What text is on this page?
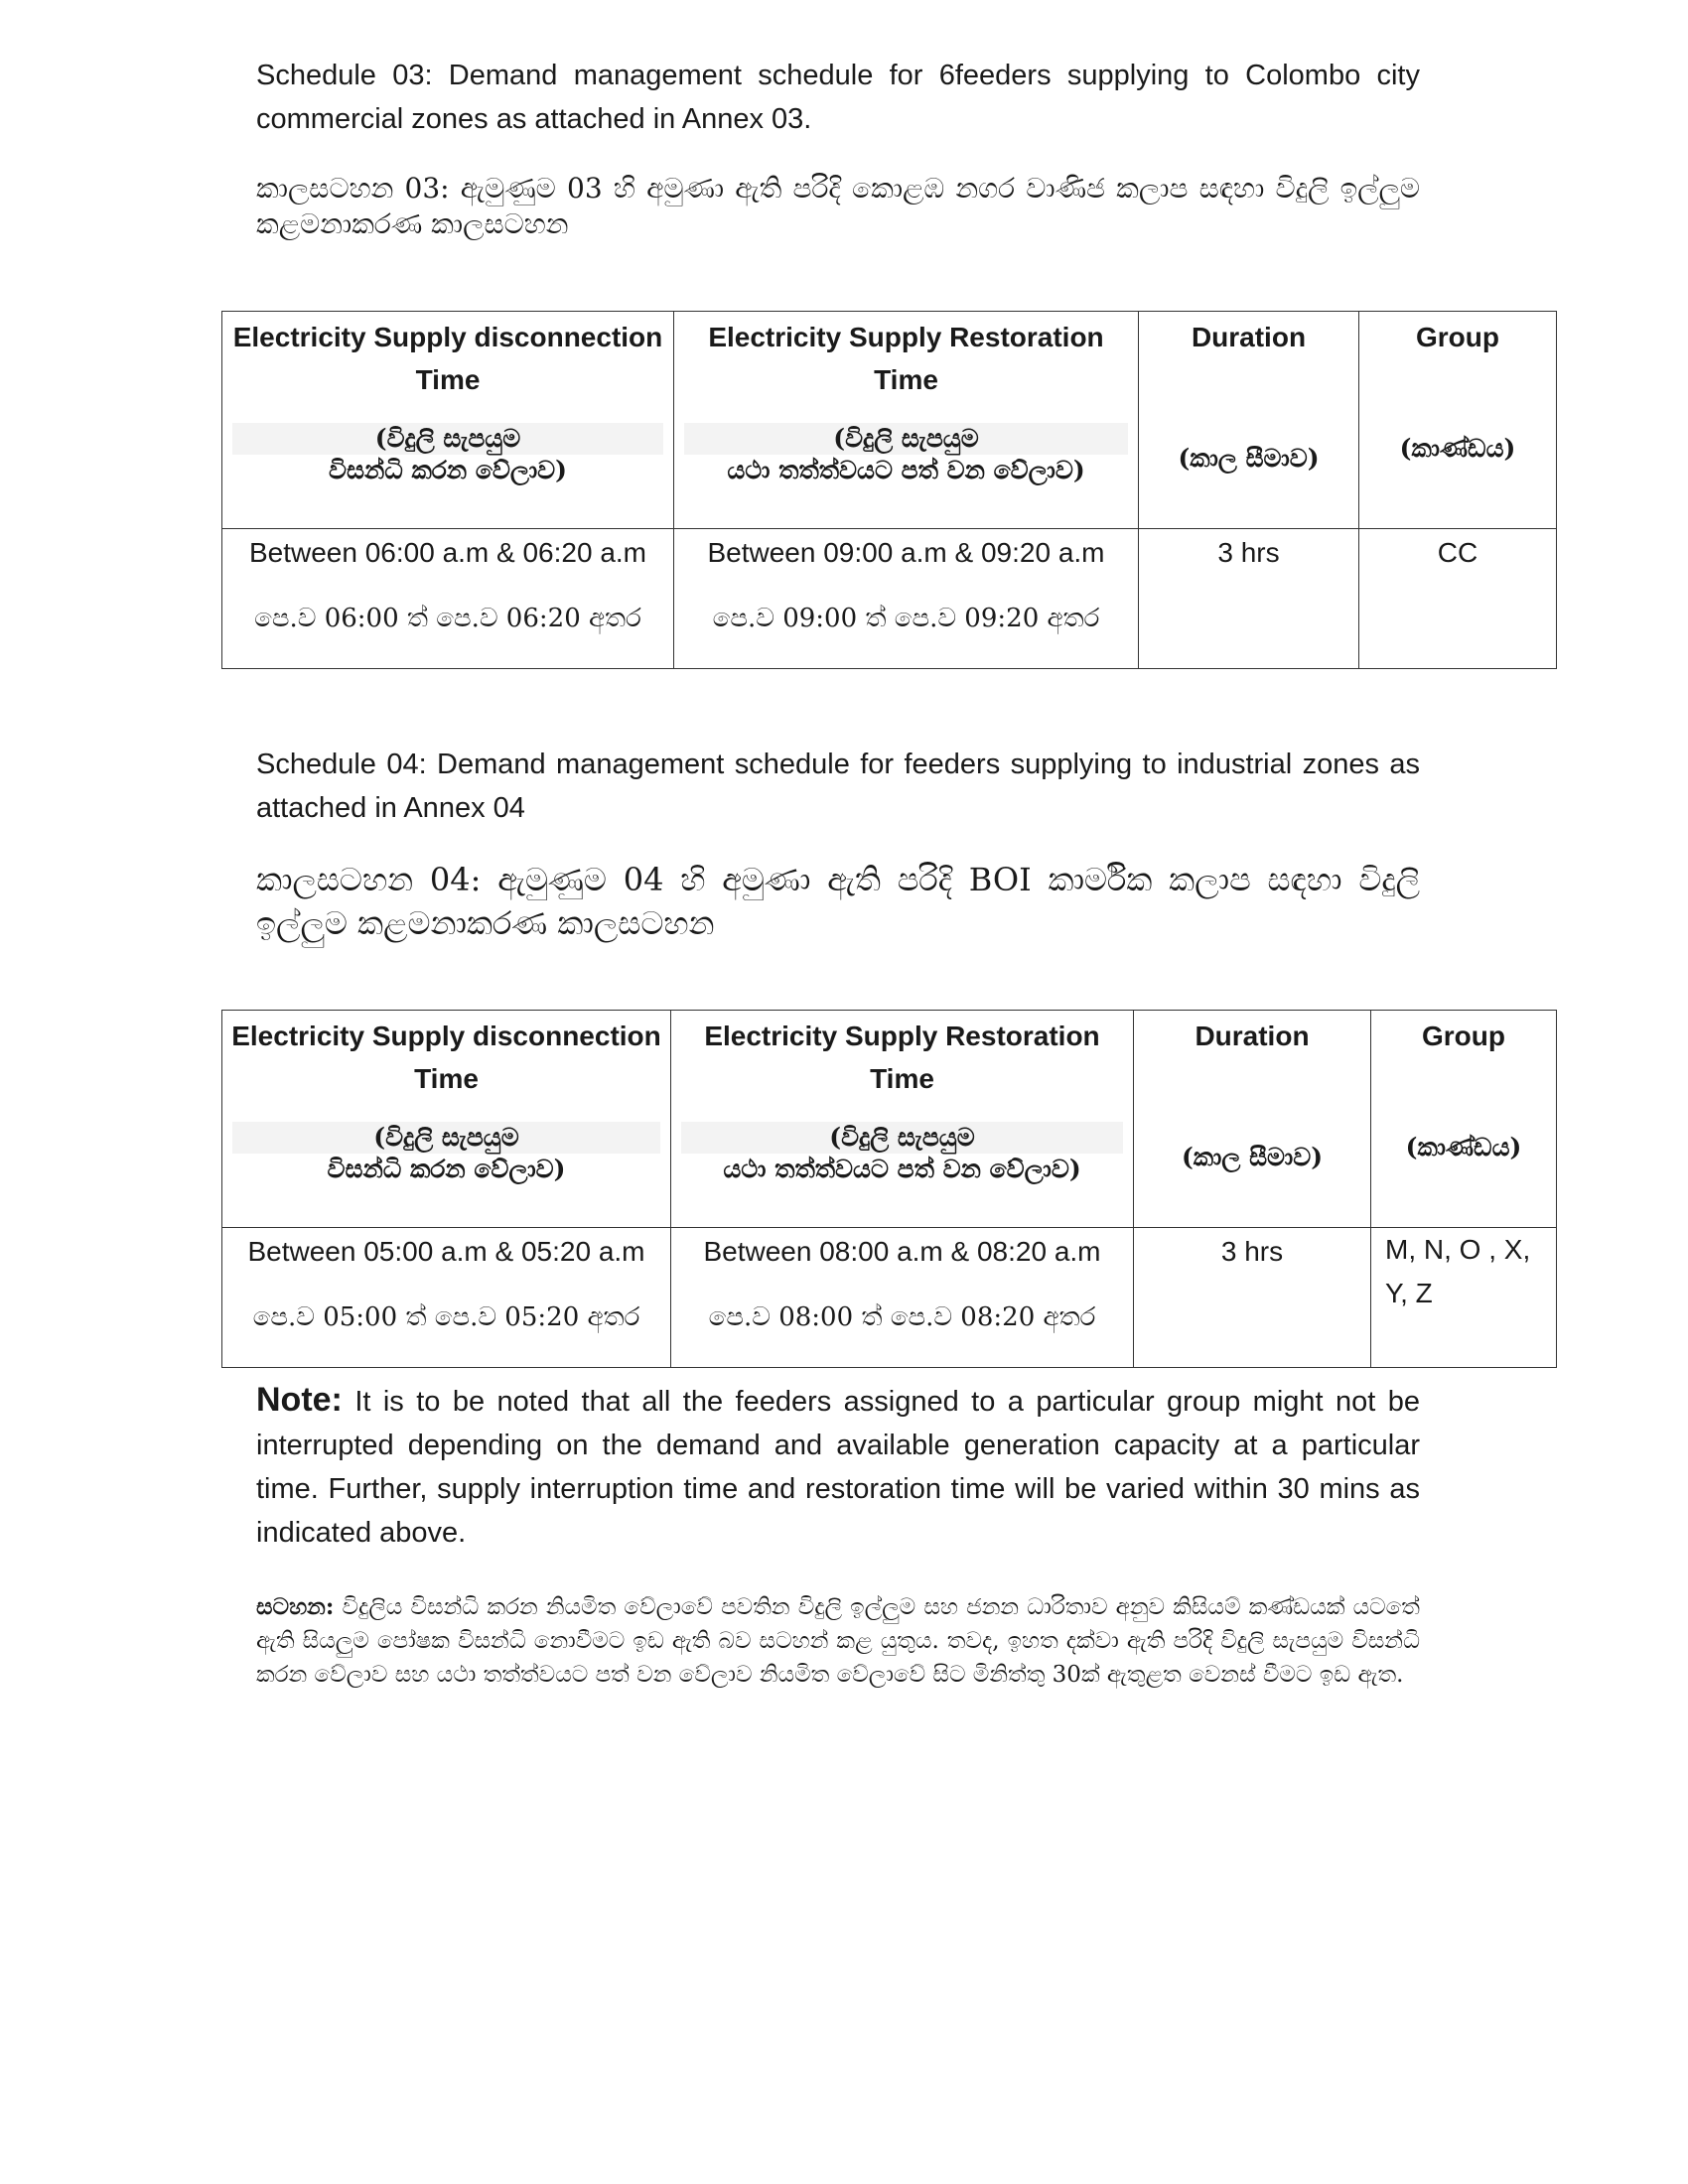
Schedule 03: Demand management schedule for 6feeders supplying to Colombo city commercial zones as attached in Annex 03.
කාලසටහන 03: ඇමුණුම 03 හි අමුණා ඇති පරිදි කොළඹ නගර වාණිජ කලාප සඳහා විදුලි ඉල්ලුම කළමනාකරණ කාලසටහන
Electricity Supply disconnection Time
(විදුලි සැපයුම
විසන්ධි කරන වේලාව)	Electricity Supply Restoration Time
(විදුලි සැපයුම
යථා තත්ත්වයට පත් වන වේලාව)	Duration
(කාල සීමාව)	Group
(කාණ්ඩය)

Between 06:00 a.m & 06:20 a.m
පෙ.ව 06:00 ත් පෙ.ව 06:20 අතර	Between 09:00 a.m & 09:20 a.m
පෙ.ව 09:00 ත් පෙ.ව 09:20 අතර	3 hrs	CC
Schedule 04: Demand management schedule for feeders supplying to industrial zones as attached in Annex 04
කාලසටහන 04: ඇමුණුම 04 හි අමුණා ඇති පරිදි BOI කාර්මික කලාප සඳහා විදුලි ඉල්ලුම කළමනාකරණ කාලසටහන
Electricity Supply disconnection Time
(විදුලි සැපයුම
විසන්ධි කරන වේලාව)	Electricity Supply Restoration Time
(විදුලි සැපයුම
යථා තත්ත්වයට පත් වන වේලාව)	Duration
(කාල සීමාව)	Group
(කාණ්ඩය)

Between 05:00 a.m & 05:20 a.m
පෙ.ව 05:00 ත් පෙ.ව 05:20 අතර	Between 08:00 a.m & 08:20 a.m
පෙ.ව 08:00 ත් පෙ.ව 08:20 අතර	3 hrs	M, N, O , X, Y, Z
Note: It is to be noted that all the feeders assigned to a particular group might not be interrupted depending on the demand and available generation capacity at a particular time. Further, supply interruption time and restoration time will be varied within 30 mins as indicated above.
සටහන: විදුලිය විසන්ධි කරන නියමිත වේලාවේ පවතින විදුලි ඉල්ලුම සහ ජනන ධාරිතාව අනුව කිසියම් කණ්ඩයක් යටතේ ඇති සියලුම පෝෂක විසන්ධි නොවීමට ඉඩ ඇති බව සටහන් කළ යුතුය. තවද, ඉහත දක්වා ඇති පරිදි විදුලි සැපයුම විසන්ධි කරන වේලාව සහ යථා තත්ත්වයට පත් වන වේලාව නියමිත වේලාවේ සිට මිනිත්තු 30ක් ඇතුළත වෙනස් වීමට ඉඩ ඇත.
